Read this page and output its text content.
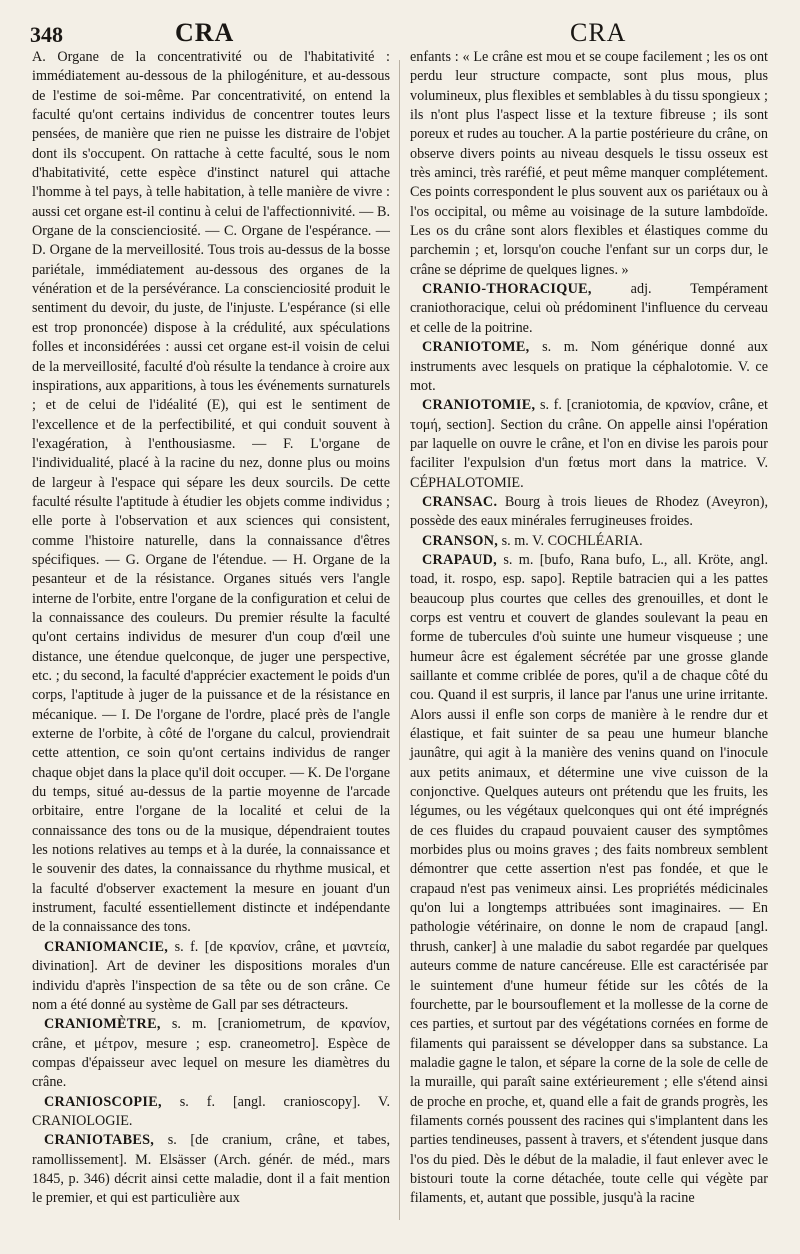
348	CRA	CRA

A. Organe de la concentrativité ou de l'habitativité : immédiatement au-dessous de la philogéniture, et au-dessous de l'estime de soi-même. Par concentrativité, on entend la faculté qu'ont certains individus de concentrer toutes leurs pensées, de manière que rien ne puisse les distraire de l'objet dont ils s'occupent. On rattache à cette faculté, sous le nom d'habitativité, cette espèce d'instinct naturel qui attache l'homme à tel pays, à telle habitation, à telle manière de vivre : aussi cet organe est-il continu à celui de l'affectionnivité. — B. Organe de la conscienciosité. — C. Organe de l'espérance. — D. Organe de la merveillosité. Tous trois au-dessus de la bosse pariétale, immédiatement au-dessous des organes de la vénération et de la persévérance. La conscienciosité produit le sentiment du devoir, du juste, de l'injuste. L'espérance (si elle est trop prononcée) dispose à la crédulité, aux spéculations folles et inconsidérées : aussi cet organe est-il voisin de celui de la merveillosité, faculté d'où résulte la tendance à croire aux inspirations, aux apparitions, à tous les événements surnaturels ; et de celui de l'idéalité (E), qui est le sentiment de l'excellence et de la perfectibilité, et qui conduit souvent à l'exagération, à l'enthousiasme. — F. L'organe de l'individualité, placé à la racine du nez, donne plus ou moins de largeur à l'espace qui sépare les deux sourcils. De cette faculté résulte l'aptitude à étudier les objets comme individus ; elle porte à l'observation et aux sciences qui consistent, comme l'histoire naturelle, dans la connaissance d'êtres spécifiques. — G. Organe de l'étendue. — H. Organe de la pesanteur et de la résistance. Organes situés vers l'angle interne de l'orbite, entre l'organe de la configuration et celui de la connaissance des couleurs. Du premier résulte la faculté qu'ont certains individus de mesurer d'un coup d'œil une distance, une étendue quelconque, de juger une perspective, etc. ; du second, la faculté d'apprécier exactement le poids d'un corps, l'aptitude à juger de la puissance et de la résistance en mécanique. — I. De l'organe de l'ordre, placé près de l'angle externe de l'orbite, à côté de l'organe du calcul, proviendrait cette attention, ce soin qu'ont certains individus de ranger chaque objet dans la place qu'il doit occuper. — K. De l'organe du temps, situé au-dessus de la partie moyenne de l'arcade orbitaire, entre l'organe de la localité et celui de la connaissance des tons ou de la musique, dépendraient toutes les notions relatives au temps et à la durée, la connaissance et le souvenir des dates, la connaissance du rhythme musical, et la faculté d'observer exactement la mesure en jouant d'un instrument, faculté essentiellement distincte et indépendante de la connaissance des tons.

CRANIOMANCIE, s. f. [de κρανίον, crâne, et μαντεία, divination]. Art de deviner les dispositions morales d'un individu d'après l'inspection de sa tête ou de son crâne. Ce nom a été donné au système de Gall par ses détracteurs.

CRANIOMÈTRE, s. m. [craniometrum, de κρανίον, crâne, et μέτρον, mesure ; esp. craneometro]. Espèce de compas d'épaisseur avec lequel on mesure les diamètres du crâne.

CRANIOSCOPIE, s. f. [angl. cranioscopy]. V. CRANIOLOGIE.

CRANIOTABES, s. [de cranium, crâne, et tabes, ramollissement]. M. Elsässer (Arch. génér. de méd., mars 1845, p. 346) décrit ainsi cette maladie, dont il a fait mention le premier, et qui est particulière aux

enfants : « Le crâne est mou et se coupe facilement ; les os ont perdu leur structure compacte, sont plus mous, plus volumineux, plus flexibles et semblables à du tissu spongieux ; ils n'ont plus l'aspect lisse et la texture fibreuse ; ils sont poreux et rudes au toucher. A la partie postérieure du crâne, on observe divers points au niveau desquels le tissu osseux est très aminci, très raréfié, et peut même manquer complétement. Ces points correspondent le plus souvent aux os pariétaux ou à l'os occipital, ou même au voisinage de la suture lambdoïde. Les os du crâne sont alors flexibles et élastiques comme du parchemin ; et, lorsqu'on couche l'enfant sur un corps dur, le crâne se déprime de quelques lignes. »

CRANIO-THORACIQUE,	adj. Tempérament craniothoracique, celui où prédominent l'influence du cerveau et celle de la poitrine.

CRANIOTOME, s. m. Nom générique donné aux instruments avec lesquels on pratique la céphalotomie. V. ce mot.

CRANIOTOMIE, s. f. [craniotomia, de κρανίον, crâne, et τομή, section]. Section du crâne. On appelle ainsi l'opération par laquelle on ouvre le crâne, et l'on en divise les parois pour faciliter l'expulsion d'un fœtus mort dans la matrice. V. CÉPHALOTOMIE.

CRANSAC. Bourg à trois lieues de Rhodez (Aveyron), possède des eaux minérales ferrugineuses froides.

CRANSON, s. m. V. COCHLÉARIA.

CRAPAUD, s. m. [bufo, Rana bufo, L., all. Kröte, angl. toad, it. rospo, esp. sapo]. Reptile batracien qui a les pattes beaucoup plus courtes que celles des grenouilles, et dont le corps est ventru et couvert de glandes soulevant la peau en forme de tubercules d'où suinte une humeur visqueuse ; une humeur âcre est également sécrétée par une grosse glande saillante et comme criblée de pores, qu'il a de chaque côté du cou. Quand il est surpris, il lance par l'anus une urine irritante. Alors aussi il enfle son corps de manière à le rendre dur et élastique, et fait suinter de sa peau une humeur blanche jaunâtre, qui agit à la manière des venins quand on l'inocule aux petits animaux, et détermine une vive cuisson de la conjonctive. Quelques auteurs ont prétendu que les fruits, les légumes, ou les végétaux quelconques qui ont été imprégnés de ces fluides du crapaud pouvaient causer des symptômes morbides plus ou moins graves ; des faits nombreux semblent démontrer que cette assertion n'est pas fondée, et que le crapaud n'est pas venimeux ainsi. Les propriétés médicinales qu'on lui a longtemps attribuées sont imaginaires. — En pathologie vétérinaire, on donne le nom de crapaud [angl. thrush, canker] à une maladie du sabot regardée par quelques auteurs comme de nature cancéreuse. Elle est caractérisée par le suintement d'une humeur fétide sur les côtés de la fourchette, par le boursouflement et la mollesse de la corne de ces parties, et surtout par des végétations cornées en forme de filaments qui paraissent se développer dans sa substance. La maladie gagne le talon, et sépare la corne de la sole de celle de la muraille, qui paraît saine extérieurement ; elle s'étend ainsi de proche en proche, et, quand elle a fait de grands progrès, les filaments cornés poussent des racines qui s'implantent dans les parties tendineuses, passent à travers, et s'étendent jusque dans l'os du pied. Dès le début de la maladie, il faut enlever avec le bistouri toute la corne détachée, toute celle qui végète par filaments, et, autant que possible, jusqu'à la racine
